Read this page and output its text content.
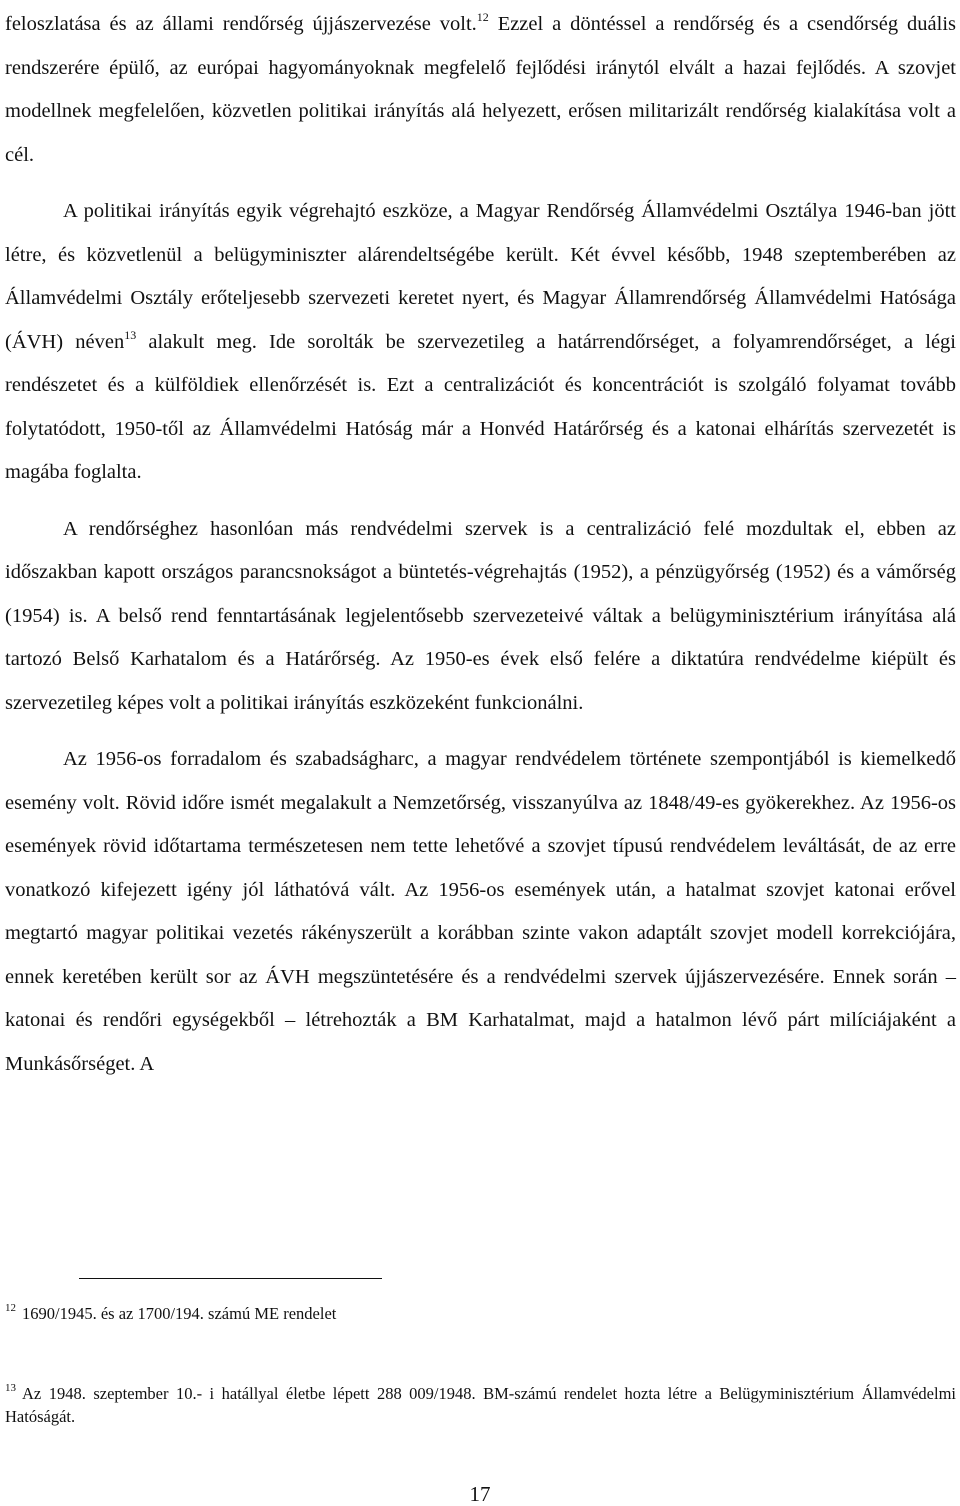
feloszlatása és az állami rendőrség újjászervezése volt.$^{12}$ Ezzel a döntéssel a rendőrség és a csendőrség duális rendszerére épülő, az európai hagyományoknak megfelelő fejlődési iránytól elvált a hazai fejlődés. A szovjet modellnek megfelelően, közvetlen politikai irányítás alá helyezett, erősen militarizált rendőrség kialakítása volt a cél.

A politikai irányítás egyik végrehajtó eszköze, a Magyar Rendőrség Államvédelmi Osztálya 1946-ban jött létre, és közvetlenül a belügyminiszter alárendeltségébe került. Két évvel később, 1948 szeptemberében az Államvédelmi Osztály erőteljesebb szervezeti keretet nyert, és Magyar Államrendőrség Államvédelmi Hatósága (ÁVH) néven$^{13}$ alakult meg. Ide sorolták be szervezetileg a határrendőrséget, a folyamrendőrséget, a légi rendészetet és a külföldiek ellenőrzését is. Ezt a centralizációt és koncentrációt is szolgáló folyamat tovább folytatódott, 1950-től az Államvédelmi Hatóság már a Honvéd Határőrség és a katonai elhárítás szervezetét is magába foglalta.

A rendőrséghez hasonlóan más rendvédelmi szervek is a centralizáció felé mozdultak el, ebben az időszakban kapott országos parancsnokságot a büntetés-végrehajtás (1952), a pénzügyőrség (1952) és a vámőrség (1954) is. A belső rend fenntartásának legjelentősebb szervezeteivé váltak a belügyminisztérium irányítása alá tartozó Belső Karhatalom és a Határőrség. Az 1950-es évek első felére a diktatúra rendvédelme kiépült és szervezetileg képes volt a politikai irányítás eszközeként funkcionálni.

Az 1956-os forradalom és szabadságharc, a magyar rendvédelem története szempontjából is kiemelkedő esemény volt. Rövid időre ismét megalakult a Nemzetőrség, visszanyúlva az 1848/49-es gyökerekhez. Az 1956-os események rövid időtartama természetesen nem tette lehetővé a szovjet típusú rendvédelem leváltását, de az erre vonatkozó kifejezett igény jól láthatóvá vált. Az 1956-os események után, a hatalmat szovjet katonai erővel megtartó magyar politikai vezetés rákényszerült a korábban szinte vakon adaptált szovjet modell korrekciójára, ennek keretében került sor az ÁVH megszüntetésére és a rendvédelmi szervek újjászervezésére. Ennek során – katonai és rendőri egységekből – létrehozták a BM Karhatalmat, majd a hatalmon lévő párt milíciájaként a Munkásőrséget. A

$^{12}$ 1690/1945. és az 1700/194. számú ME rendelet
$^{13}$ Az 1948. szeptember 10.- i hatállyal életbe lépett 288 009/1948. BM-számú rendelet hozta létre a Belügyminisztérium Államvédelmi Hatóságát.
17
